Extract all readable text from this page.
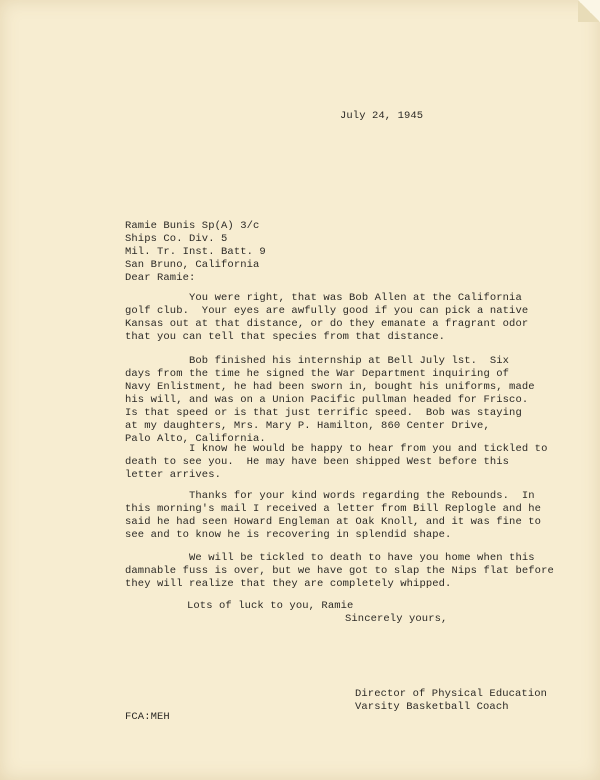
July 24, 1945
Ramie Bunis Sp(A) 3/c
Ships Co. Div. 5
Mil. Tr. Inst. Batt. 9
San Bruno, California
Dear Ramie:
You were right, that was Bob Allen at the California
golf club.  Your eyes are awfully good if you can pick a native
Kansas out at that distance, or do they emanate a fragrant odor
that you can tell that species from that distance.
Bob finished his internship at Bell July lst.  Six
days from the time he signed the War Department inquiring of
Navy Enlistment, he had been sworn in, bought his uniforms, made
his will, and was on a Union Pacific pullman headed for Frisco.
Is that speed or is that just terrific speed.  Bob was staying
at my daughters, Mrs. Mary P. Hamilton, 860 Center Drive,
Palo Alto, California.
I know he would be happy to hear from you and tickled to
death to see you.  He may have been shipped West before this
letter arrives.
Thanks for your kind words regarding the Rebounds.  In
this morning's mail I received a letter from Bill Replogle and he
said he had seen Howard Engleman at Oak Knoll, and it was fine to
see and to know he is recovering in splendid shape.
We will be tickled to death to have you home when this
damnable fuss is over, but we have got to slap the Nips flat before
they will realize that they are completely whipped.
Lots of luck to you, Ramie
Sincerely yours,
Director of Physical Education
Varsity Basketball Coach
FCA:MEH
